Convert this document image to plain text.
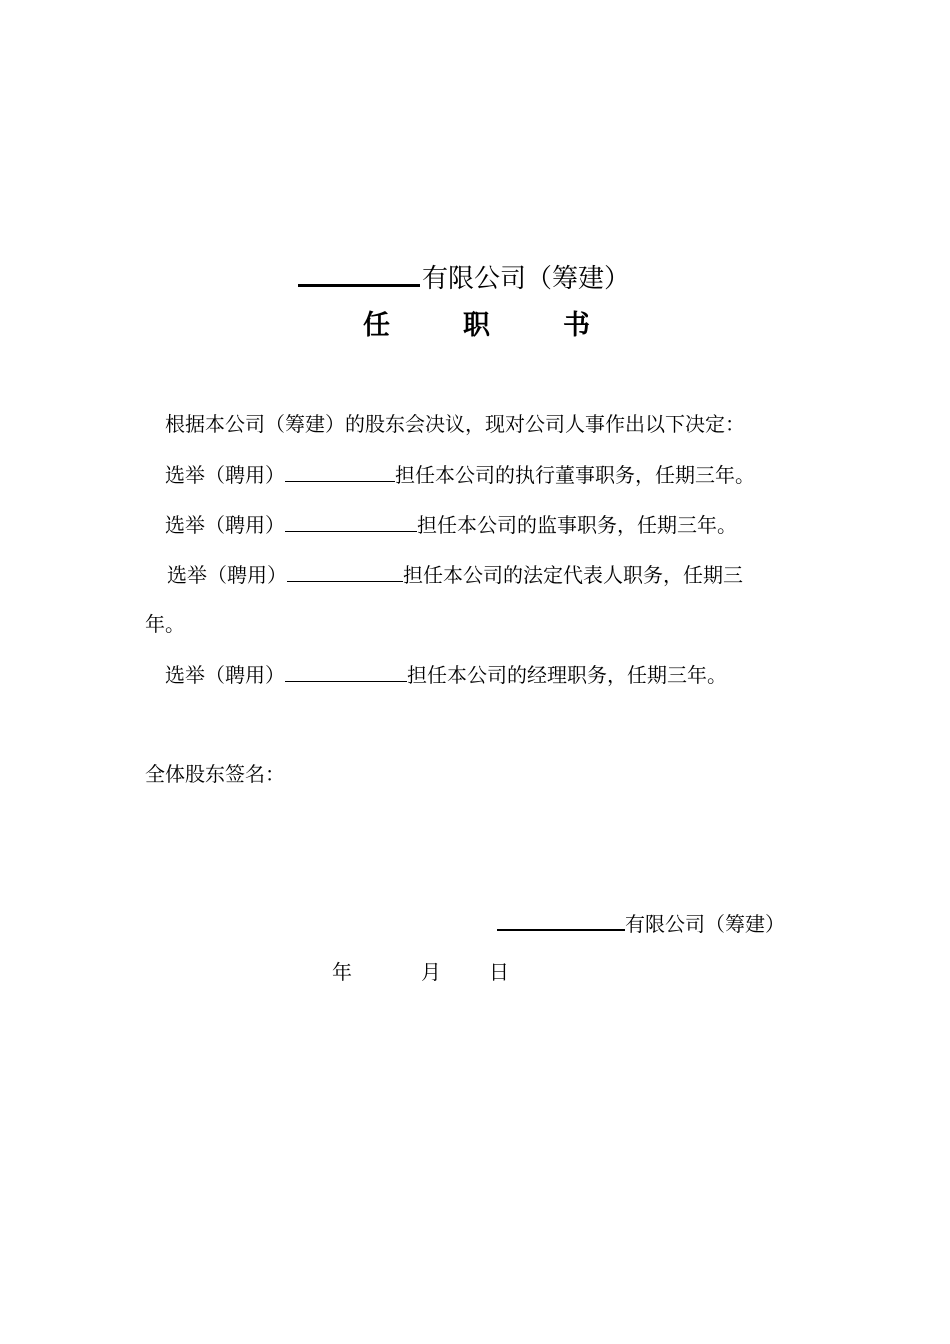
有限公司（筹建）
任	职	书
根据本公司（筹建）的股东会决议，现对公司人事作出以下决定：
选举（聘用）	担任本公司的执行董事职务，任期三年。
选举（聘用）	担任本公司的监事职务，任期三年。
选举（聘用）	担任本公司的法定代表人职务，任期三
年。
选举（聘用）	担任本公司的经理职务，任期三年。
全体股东签名：
有限公司（筹建）
年	月 日
